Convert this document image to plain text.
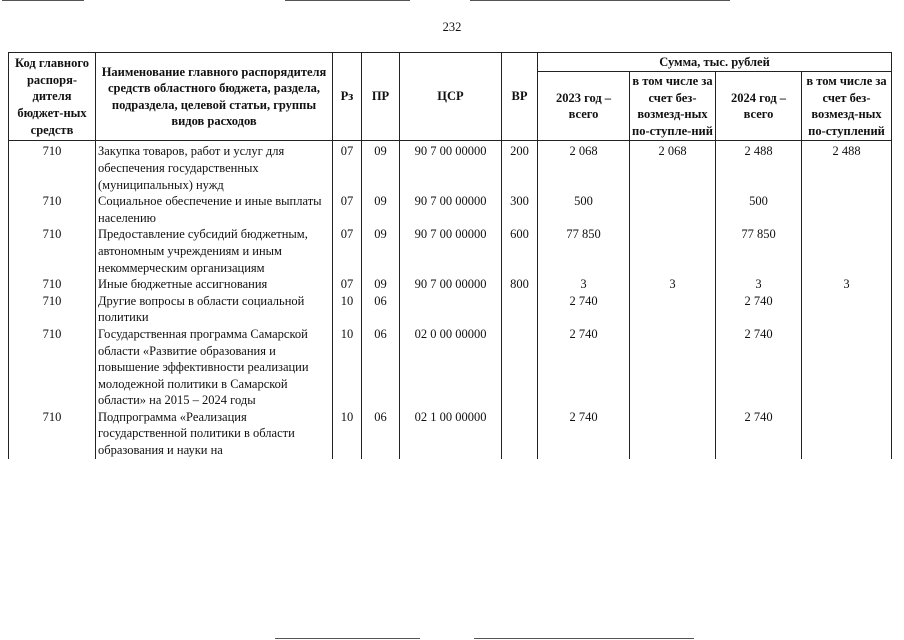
232
Код главного распоря-дителя бюджет-ных средств	Наименование главного распорядителя средств областного бюджета, раздела, подраздела, целевой статьи, группы видов расходов	Рз	ПР	ЦСР	ВР	Сумма, тыс. рублей			
						2023 год – всего	в том числе за счет без-возмезд-ных по-ступле-ний	2024 год – всего	в том числе за счет без-возмезд-ных по-ступлений
710	Закупка товаров, работ и услуг для обеспечения государственных (муниципальных) нужд	07	09	90 7 00 00000	200	2 068	2 068	2 488	2 488
710	Социальное обеспечение и иные выплаты населению	07	09	90 7 00 00000	300	500		500	
710	Предоставление субсидий бюджетным, автономным учреждениям и иным некоммерческим организациям	07	09	90 7 00 00000	600	77 850		77 850	
710	Иные бюджетные ассигнования	07	09	90 7 00 00000	800	3	3	3	3
710	Другие вопросы в области социальной политики	10	06			2 740		2 740	
710	Государственная программа Самарской области «Развитие образования и повышение эффективности реализации молодежной политики в Самарской области» на 2015 – 2024 годы	10	06	02 0 00 00000		2 740		2 740	
710	Подпрограмма «Реализация государственной политики в области образования и науки на	10	06	02 1 00 00000		2 740		2 740	
